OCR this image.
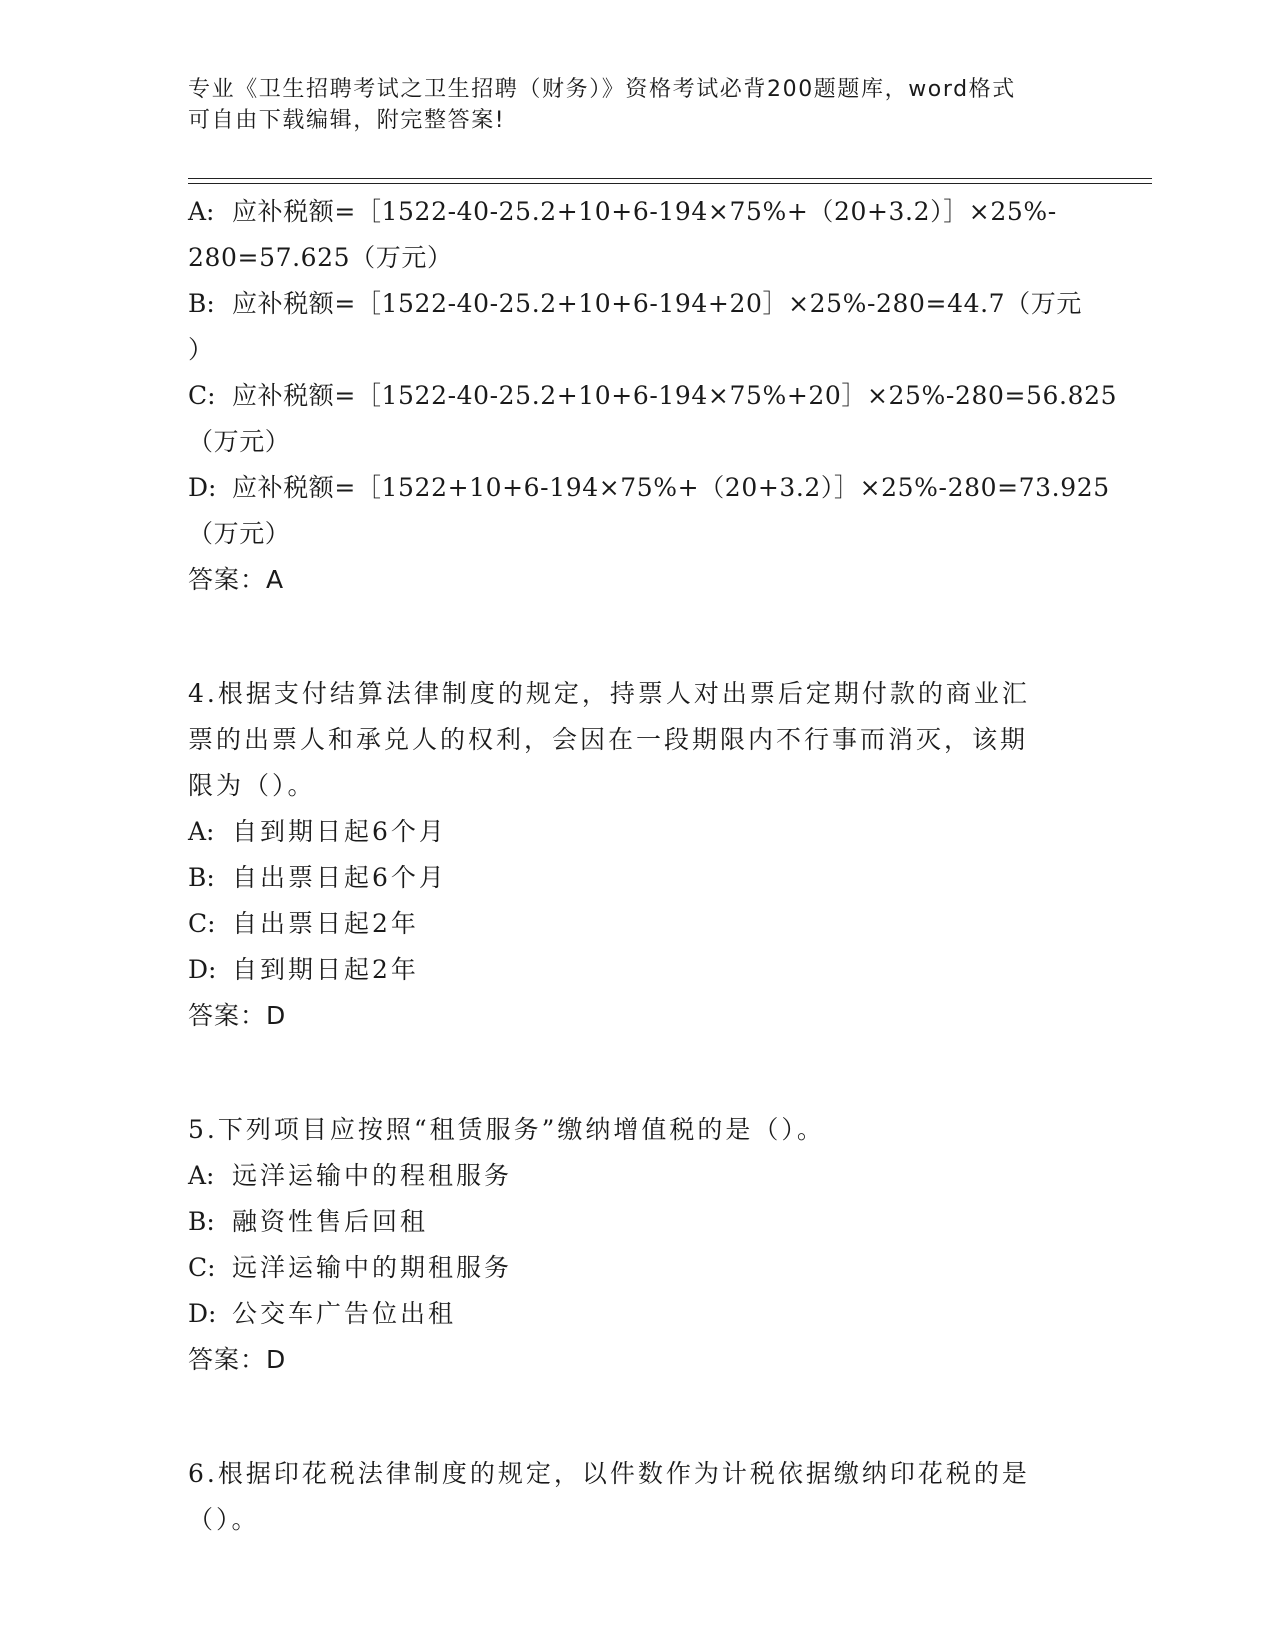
专业《卫生招聘考试之卫生招聘（财务）》资格考试必背200题题库，word格式
可自由下载编辑，附完整答案!
A: 应补税额=［1522-40-25.2+10+6-194×75%+（20+3.2）］×25%-
280=57.625（万元）
B: 应补税额=［1522-40-25.2+10+6-194+20］×25%-280=44.7（万元
）
C: 应补税额=［1522-40-25.2+10+6-194×75%+20］×25%-280=56.825
（万元）
D: 应补税额=［1522+10+6-194×75%+（20+3.2）］×25%-280=73.925
（万元）
答案：A
4.根据支付结算法律制度的规定，持票人对出票后定期付款的商业汇
票的出票人和承兑人的权利，会因在一段期限内不行事而消灭，该期
限为（）。
A: 自到期日起6个月
B: 自出票日起6个月
C: 自出票日起2年
D: 自到期日起2年
答案：D
5.下列项目应按照“租赁服务”缴纳增值税的是（）。
A: 远洋运输中的程租服务
B: 融资性售后回租
C: 远洋运输中的期租服务
D: 公交车广告位出租
答案：D
6.根据印花税法律制度的规定，以件数作为计税依据缴纳印花税的是
（）。
